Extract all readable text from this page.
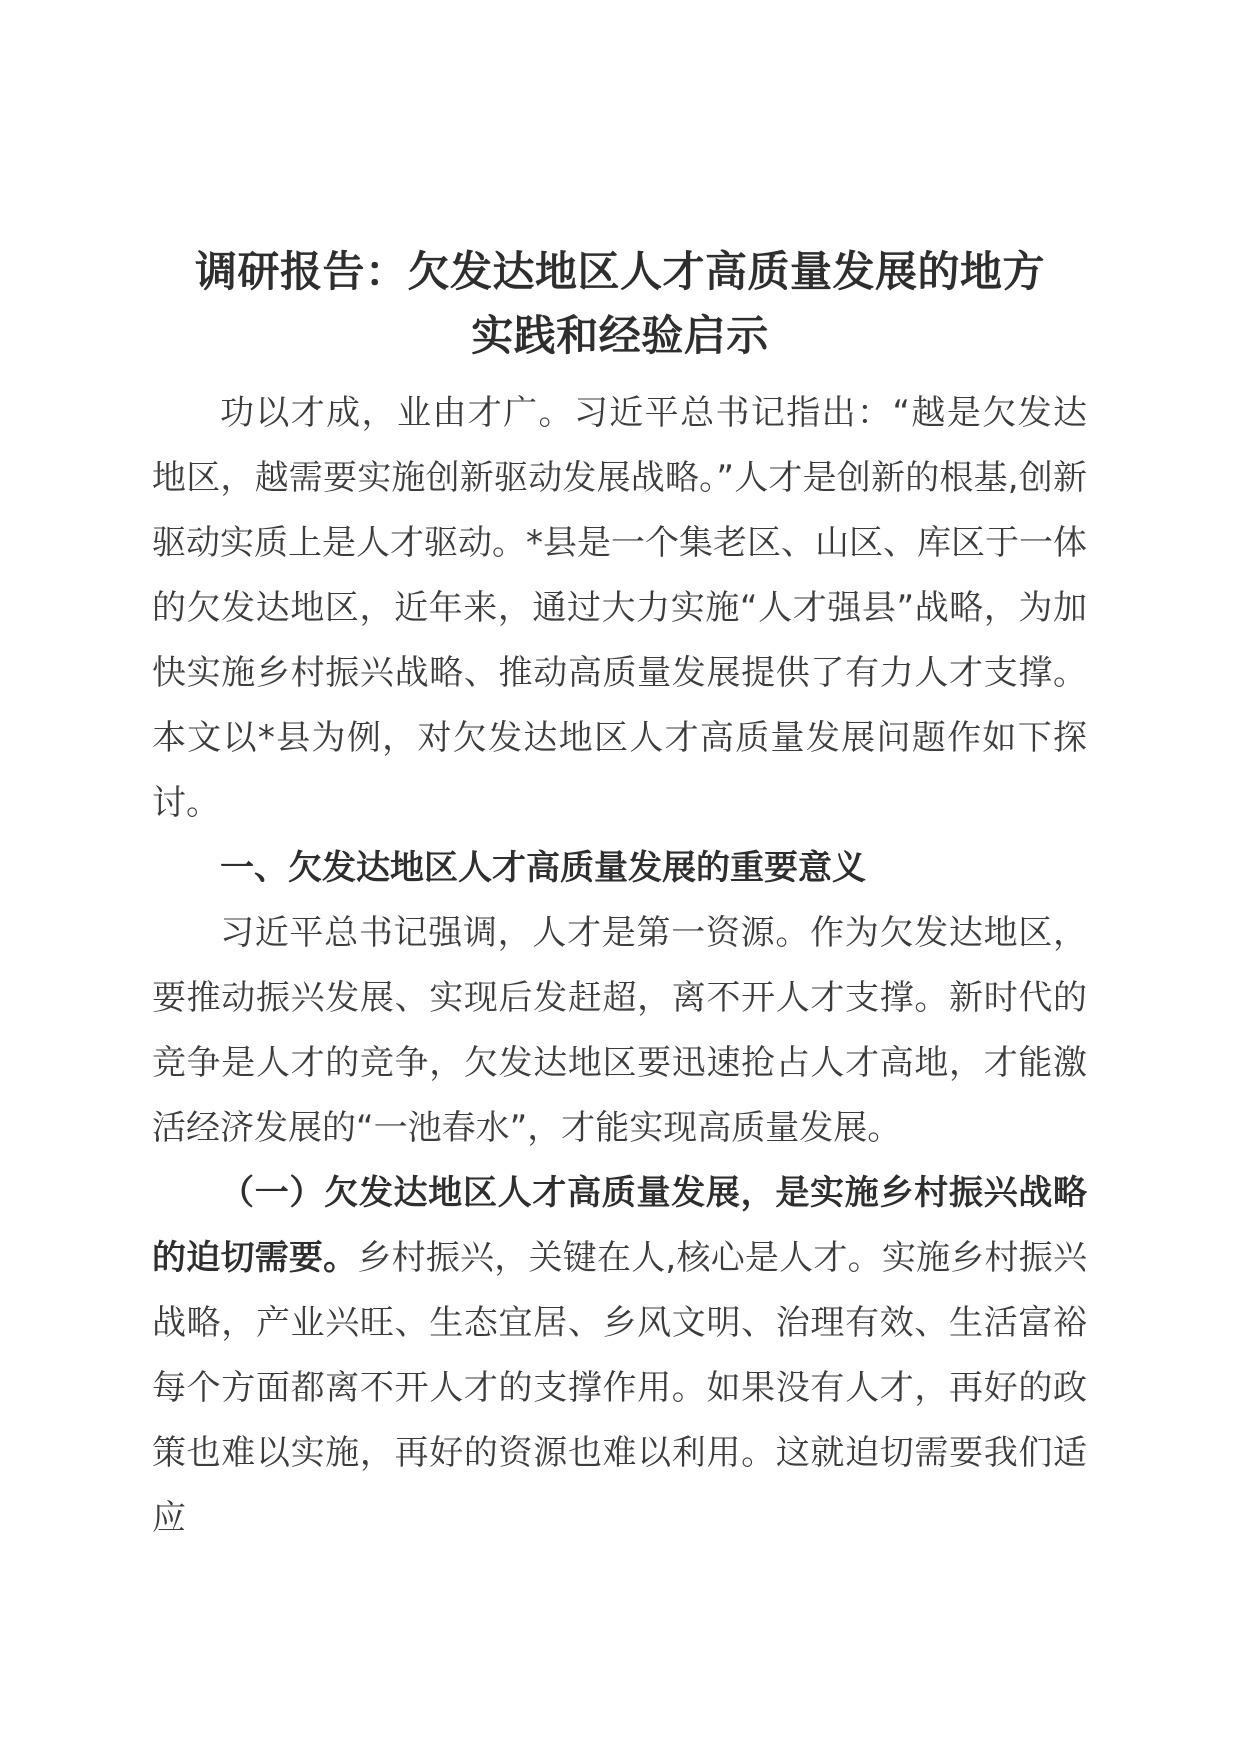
调研报告：欠发达地区人才高质量发展的地方
实践和经验启示

功以才成，业由才广。习近平总书记指出：“越是欠发达地区，越需要实施创新驱动发展战略。”人才是创新的根基,创新驱动实质上是人才驱动。*县是一个集老区、山区、库区于一体的欠发达地区，近年来，通过大力实施“人才强县”战略，为加快实施乡村振兴战略、推动高质量发展提供了有力人才支撑。本文以*县为例，对欠发达地区人才高质量发展问题作如下探讨。

一、欠发达地区人才高质量发展的重要意义

习近平总书记强调，人才是第一资源。作为欠发达地区，要推动振兴发展、实现后发赶超，离不开人才支撑。新时代的竞争是人才的竞争，欠发达地区要迅速抢占人才高地，才能激活经济发展的“一池春水”，才能实现高质量发展。

（一）欠发达地区人才高质量发展，是实施乡村振兴战略的迫切需要。乡村振兴，关键在人,核心是人才。实施乡村振兴战略，产业兴旺、生态宜居、乡风文明、治理有效、生活富裕每个方面都离不开人才的支撑作用。如果没有人才，再好的政策也难以实施，再好的资源也难以利用。这就迫切需要我们适应
